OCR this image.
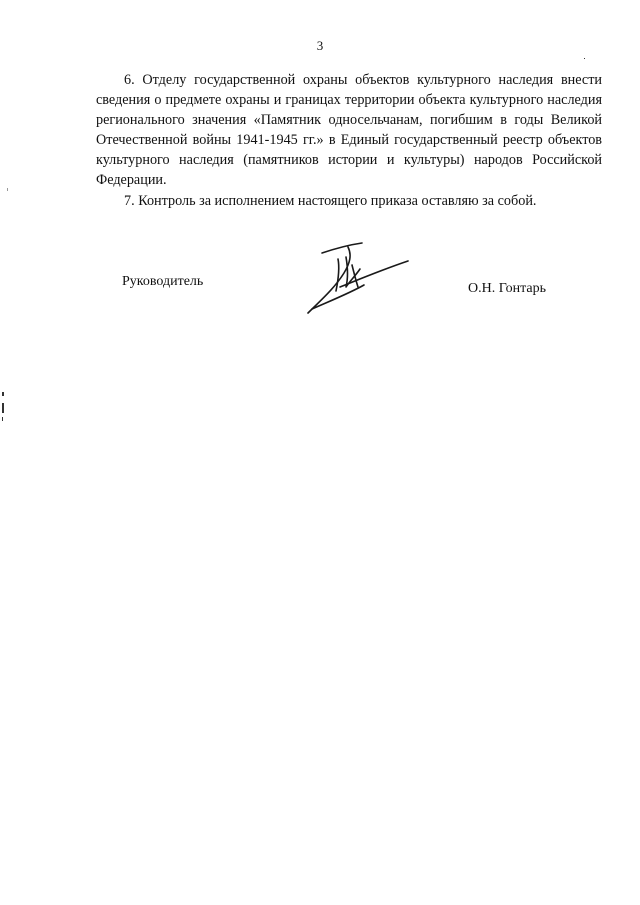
3

6. Отделу государственной охраны объектов культурного наследия внести сведения о предмете охраны и границах территории объекта культурного наследия регионального значения «Памятник односельчанам, погибшим в годы Великой Отечественной войны 1941-1945 гг.» в Единый государственный реестр объектов культурного наследия (памятников истории и культуры) народов Российской Федерации.

7. Контроль за исполнением настоящего приказа оставляю за собой.

Руководитель	О.Н. Гонтарь
